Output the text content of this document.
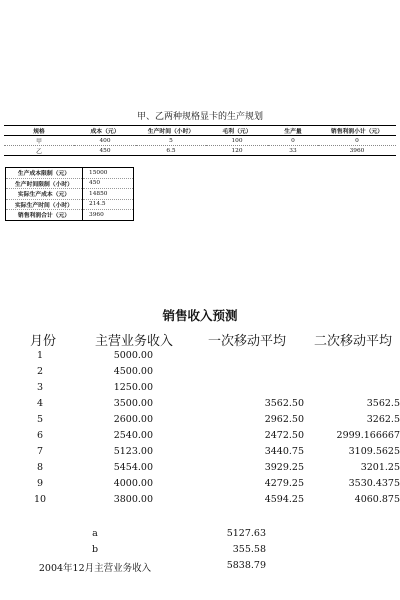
甲、乙两种规格显卡的生产规划
规格	成本（元）	生产时间（小时）	毛利（元）	生产量	销售利润小计（元）
甲	400	5	100	0	0
乙	450	6.5	120	33	3960
生产成本限制（元）	15000
生产时间限制（小时）	450
实际生产成本（元）	14850
实际生产时间（小时）	214.5
销售利润合计（元）	3960
销售收入预测
月份	主营业务收入	一次移动平均 二次移动平均
1	5000.00
2	4500.00
3	1250.00
4	3500.00	3562.50	3562.5
5	2600.00	2962.50	3262.5
6	2540.00	2472.50	2999.166667
7	5123.00	3440.75	3109.5625
8	5454.00	3929.25	3201.25
9	4000.00	4279.25	3530.4375
10	3800.00	4594.25	4060.875
a	5127.63
b	355.58
2004年12月主营业务收入	5838.79
